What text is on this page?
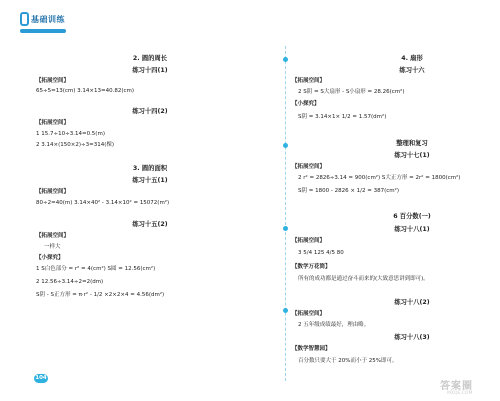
基础训练
2. 圆的周长
练习十四(1)
【拓展空间】
65÷5=13(cm) 3.14×13=40.82(cm)
练习十四(2)
【拓展空间】
1 15.7÷10÷3.14=0.5(m)
2 3.14×(150×2)÷3=314(棵)
3. 圆的面积
练习十五(1)
【拓展空间】
80÷2=40(m) 3.14×40² - 3.14×10² = 15072(m²)
练习十五(2)
【拓展空间】
一样大
【小探究】
1 S白色部分 = r² = 4(cm²) S圆 = 12.56(cm²)
2 12.56÷3.14÷2=2(dm)
S阴 - S正方形 = π·r² - 1/2 ×2×2×4 = 4.56(dm²)
4. 扇形
练习十六
【拓展空间】
2 S阴 = S大扇形 - S小扇形 = 28.26(cm²)
【小探究】
S阴 = 3.14×1× 1/2 = 1.57(dm²)
整理和复习
练习十七(1)
【拓展空间】
2 r² = 2826÷3.14 = 900(cm²) S大正方形 = 2r² = 1800(cm²)
S阴 = 1800 - 2826 × 1/2 = 387(cm²)
6 百分数(一)
练习十八(1)
【拓展空间】
3 5/4 125 4/5 80
【数学万花筒】
所有的成功都是通过奋斗而来的(大致意思讲到即可)。
练习十八(2)
【拓展空间】
2 五年级成绩最好，理由略。
练习十八(3)
【数学智慧园】
百分数只要大于 20%而小于 25%即可。
104
答案圈
MXQE.COM
